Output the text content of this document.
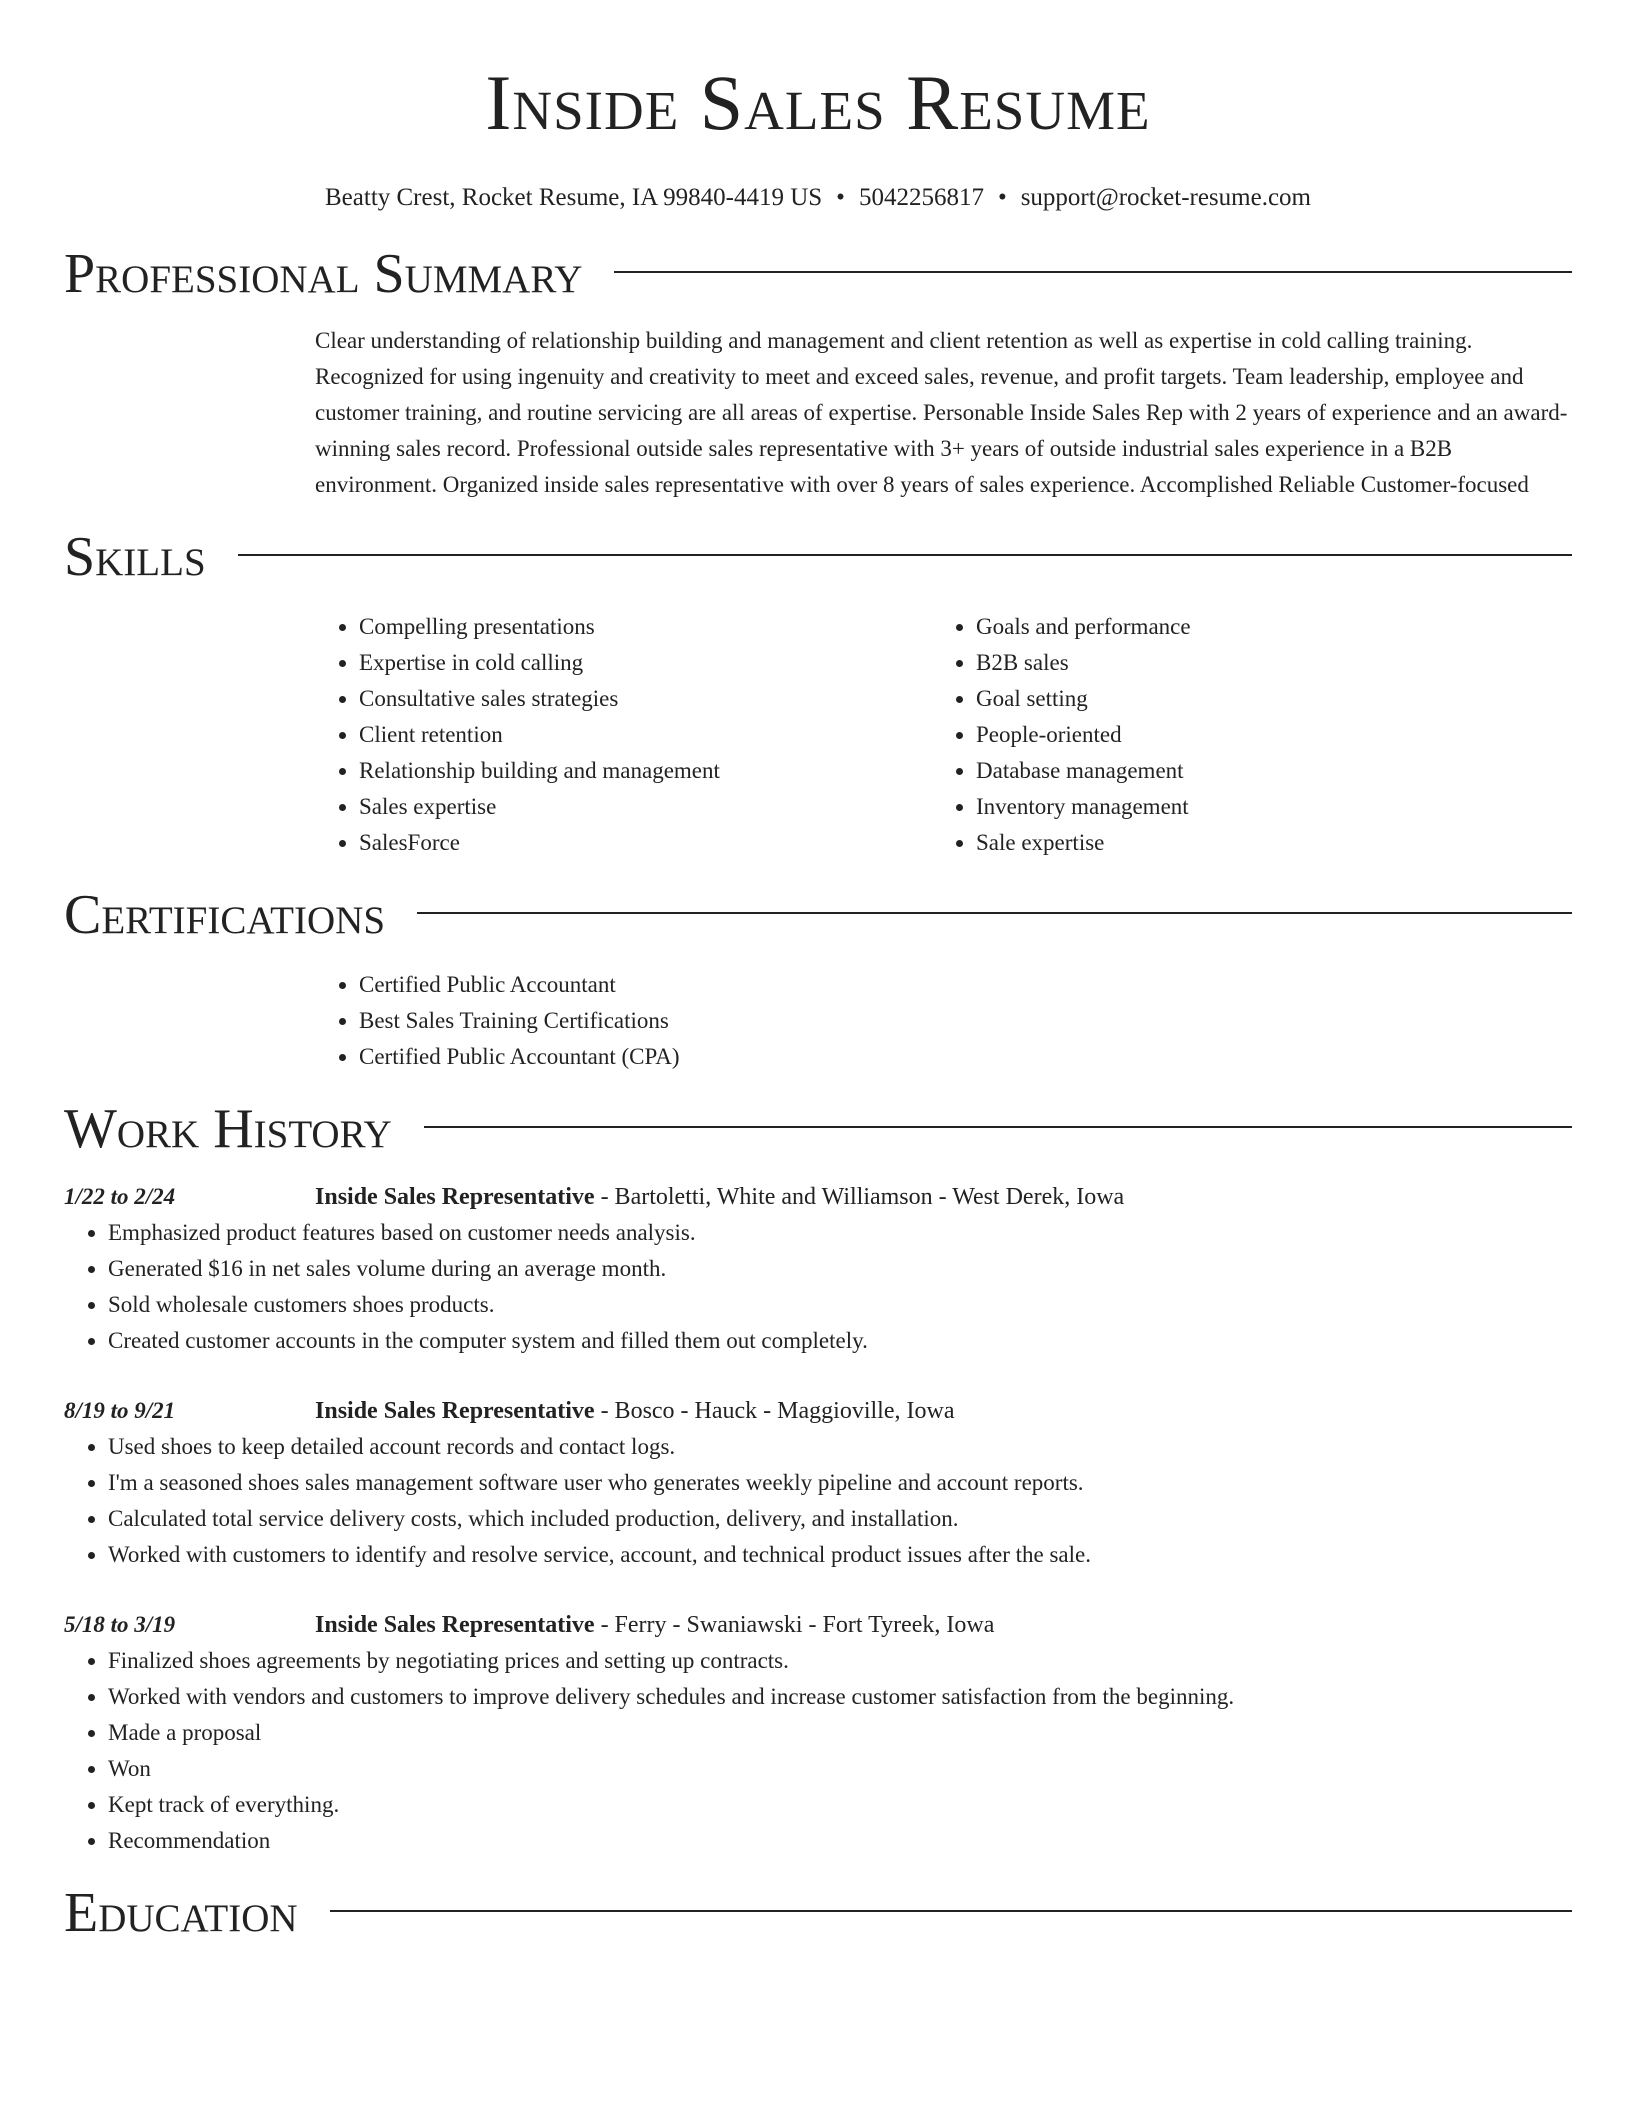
Inside Sales Resume
Beatty Crest, Rocket Resume, IA 99840-4419 US • 5042256817 • support@rocket-resume.com
Professional Summary

Clear understanding of relationship building and management and client retention as well as expertise in cold calling training. Recognized for using ingenuity and creativity to meet and exceed sales, revenue, and profit targets. Team leadership, employee and customer training, and routine servicing are all areas of expertise. Personable Inside Sales Rep with 2 years of experience and an award-winning sales record. Professional outside sales representative with 3+ years of outside industrial sales experience in a B2B environment. Organized inside sales representative with over 8 years of sales experience. Accomplished Reliable Customer-focused

Skills
• Compelling presentations
• Expertise in cold calling
• Consultative sales strategies
• Client retention
• Relationship building and management
• Sales expertise
• SalesForce
• Goals and performance
• B2B sales
• Goal setting
• People-oriented
• Database management
• Inventory management
• Sale expertise
Certifications
• Certified Public Accountant
• Best Sales Training Certifications
• Certified Public Accountant (CPA)
Work History
1/22 to 2/24	Inside Sales Representative - Bartoletti, White and Williamson - West Derek, Iowa
• Emphasized product features based on customer needs analysis.
• Generated $16 in net sales volume during an average month.
• Sold wholesale customers shoes products.
• Created customer accounts in the computer system and filled them out completely.
8/19 to 9/21	Inside Sales Representative - Bosco - Hauck - Maggioville, Iowa
• Used shoes to keep detailed account records and contact logs.
• I'm a seasoned shoes sales management software user who generates weekly pipeline and account reports.
• Calculated total service delivery costs, which included production, delivery, and installation.
• Worked with customers to identify and resolve service, account, and technical product issues after the sale.
5/18 to 3/19	Inside Sales Representative - Ferry - Swaniawski - Fort Tyreek, Iowa
• Finalized shoes agreements by negotiating prices and setting up contracts.
• Worked with vendors and customers to improve delivery schedules and increase customer satisfaction from the beginning.
• Made a proposal
• Won
• Kept track of everything.
• Recommendation
Education
